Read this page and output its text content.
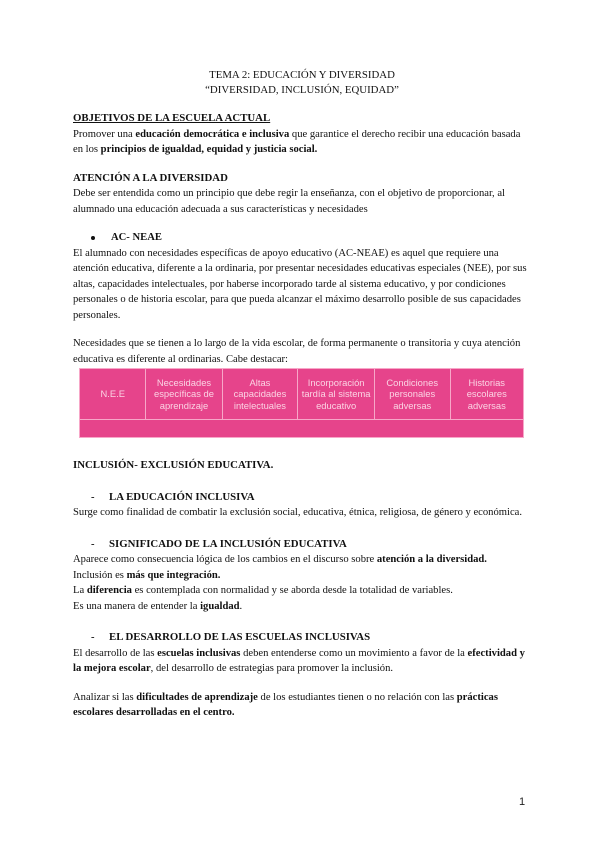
TEMA 2: EDUCACIÓN Y DIVERSIDAD
“DIVERSIDAD, INCLUSIÓN, EQUIDAD”
OBJETIVOS DE LA ESCUELA ACTUAL

Promover una educación democrática e inclusiva que garantice el derecho recibir una educación basada en los principios de igualdad, equidad y justicia social.

ATENCIÓN A LA DIVERSIDAD

Debe ser entendida como un principio que debe regir la enseñanza, con el objetivo de proporcionar, al alumnado una educación adecuada a sus características y necesidades

AC- NEAE

El alumnado con necesidades específicas de apoyo educativo (AC-NEAE) es aquel que requiere una atención educativa, diferente a la ordinaria, por presentar necesidades educativas especiales (NEE), por sus altas, capacidades intelectuales, por haberse incorporado tarde al sistema educativo, y por condiciones personales o de historia escolar, para que pueda alcanzar el máximo desarrollo posible de sus capacidades personales.

Necesidades que se tienen a lo largo de la vida escolar, de forma permanente o transitoria y cuya atención educativa es diferente al ordinarias. Cabe destacar:

N.E.E	Necesidades específicas de aprendizaje	Altas capacidades intelectuales	Incorporación tardía al sistema educativo	Condiciones personales adversas	Historias escolares adversas

INCLUSIÓN- EXCLUSIÓN EDUCATIVA.
-	LA EDUCACIÓN INCLUSIVA

Surge como finalidad de combatir la exclusión social, educativa, étnica, religiosa, de género y económica.

-	SIGNIFICADO DE LA INCLUSIÓN EDUCATIVA

Aparece como consecuencia lógica de los cambios en el discurso sobre atención a la diversidad.

Inclusión es más que integración.

La diferencia es contemplada con normalidad y se aborda desde la totalidad de variables.

Es una manera de entender la igualdad.

-	EL DESARROLLO DE LAS ESCUELAS INCLUSIVAS

El desarrollo de las escuelas inclusivas deben entenderse como un movimiento a favor de la efectividad y la mejora escolar, del desarrollo de estrategias para promover la inclusión.

Analizar si las dificultades de aprendizaje de los estudiantes tienen o no relación con las prácticas escolares desarrolladas en el centro.

1
